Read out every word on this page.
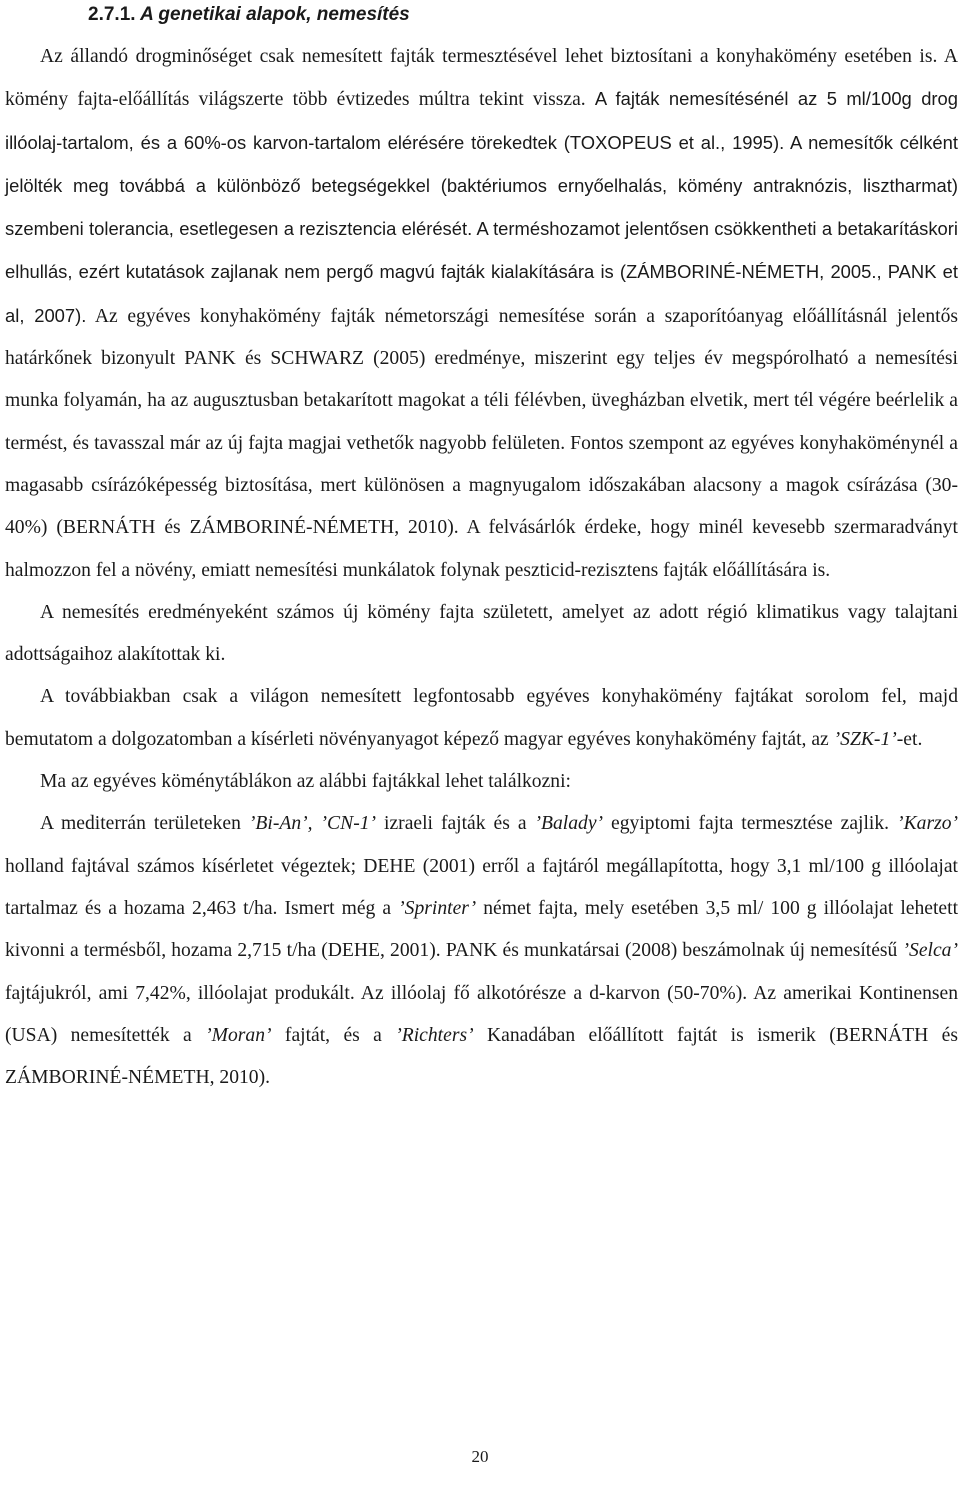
2.7.1. A genetikai alapok, nemesítés

Az állandó drogminőséget csak nemesített fajták termesztésével lehet biztosítani a konyhakömény esetében is. A kömény fajta-előállítás világszerte több évtizedes múltra tekint vissza. A fajták nemesítésénél az 5 ml/100g drog illóolaj-tartalom, és a 60%-os karvon-tartalom elérésére törekedtek (TOXOPEUS et al., 1995). A nemesítők célként jelölték meg továbbá a különböző betegségekkel (baktériumos ernyőelhalás, kömény antraknózis, lisztharmat) szembeni tolerancia, esetlegesen a rezisztencia elérését. A terméshozamot jelentősen csökkentheti a betakarításkori elhullás, ezért kutatások zajlanak nem pergő magvú fajták kialakítására is (ZÁMBORINÉ-NÉMETH, 2005., PANK et al, 2007). Az egyéves konyhakömény fajták németországi nemesítése során a szaporítóanyag előállításnál jelentős határkőnek bizonyult PANK és SCHWARZ (2005) eredménye, miszerint egy teljes év megspórolható a nemesítési munka folyamán, ha az augusztusban betakarított magokat a téli félévben, üvegházban elvetik, mert tél végére beérlelik a termést, és tavasszal már az új fajta magjai vethetők nagyobb felületen. Fontos szempont az egyéves konyhaköménynél a magasabb csírázóképesség biztosítása, mert különösen a magnyugalom időszakában alacsony a magok csírázása (30-40%) (BERNÁTH és ZÁMBORINÉ-NÉMETH, 2010). A felvásárlók érdeke, hogy minél kevesebb szermaradványt halmozzon fel a növény, emiatt nemesítési munkálatok folynak peszticid-rezisztens fajták előállítására is.

A nemesítés eredményeként számos új kömény fajta született, amelyet az adott régió klimatikus vagy talajtani adottságaihoz alakítottak ki.

A továbbiakban csak a világon nemesített legfontosabb egyéves konyhakömény fajtákat sorolom fel, majd bemutatom a dolgozatomban a kísérleti növényanyagot képező magyar egyéves konyhakömény fajtát, az ’SZK-1’-et.

Ma az egyéves köménytáblákon az alábbi fajtákkal lehet találkozni:

A mediterrán területeken ’Bi-An’, ’CN-1’ izraeli fajták és a ’Balady’ egyiptomi fajta termesztése zajlik. ’Karzo’ holland fajtával számos kísérletet végeztek; DEHE (2001) erről a fajtáról megállapította, hogy 3,1 ml/100 g illóolajat tartalmaz és a hozama 2,463 t/ha. Ismert még a ’Sprinter’ német fajta, mely esetében 3,5 ml/ 100 g illóolajat lehetett kivonni a termésből, hozama 2,715 t/ha (DEHE, 2001). PANK és munkatársai (2008) beszámolnak új nemesítésű ’Selca’ fajtájukról, ami 7,42%, illóolajat produkált. Az illóolaj fő alkotórésze a d-karvon (50-70%). Az amerikai Kontinensen (USA) nemesítették a ’Moran’ fajtát, és a ’Richters’ Kanadában előállított fajtát is ismerik (BERNÁTH és ZÁMBORINÉ-NÉMETH, 2010).

20
